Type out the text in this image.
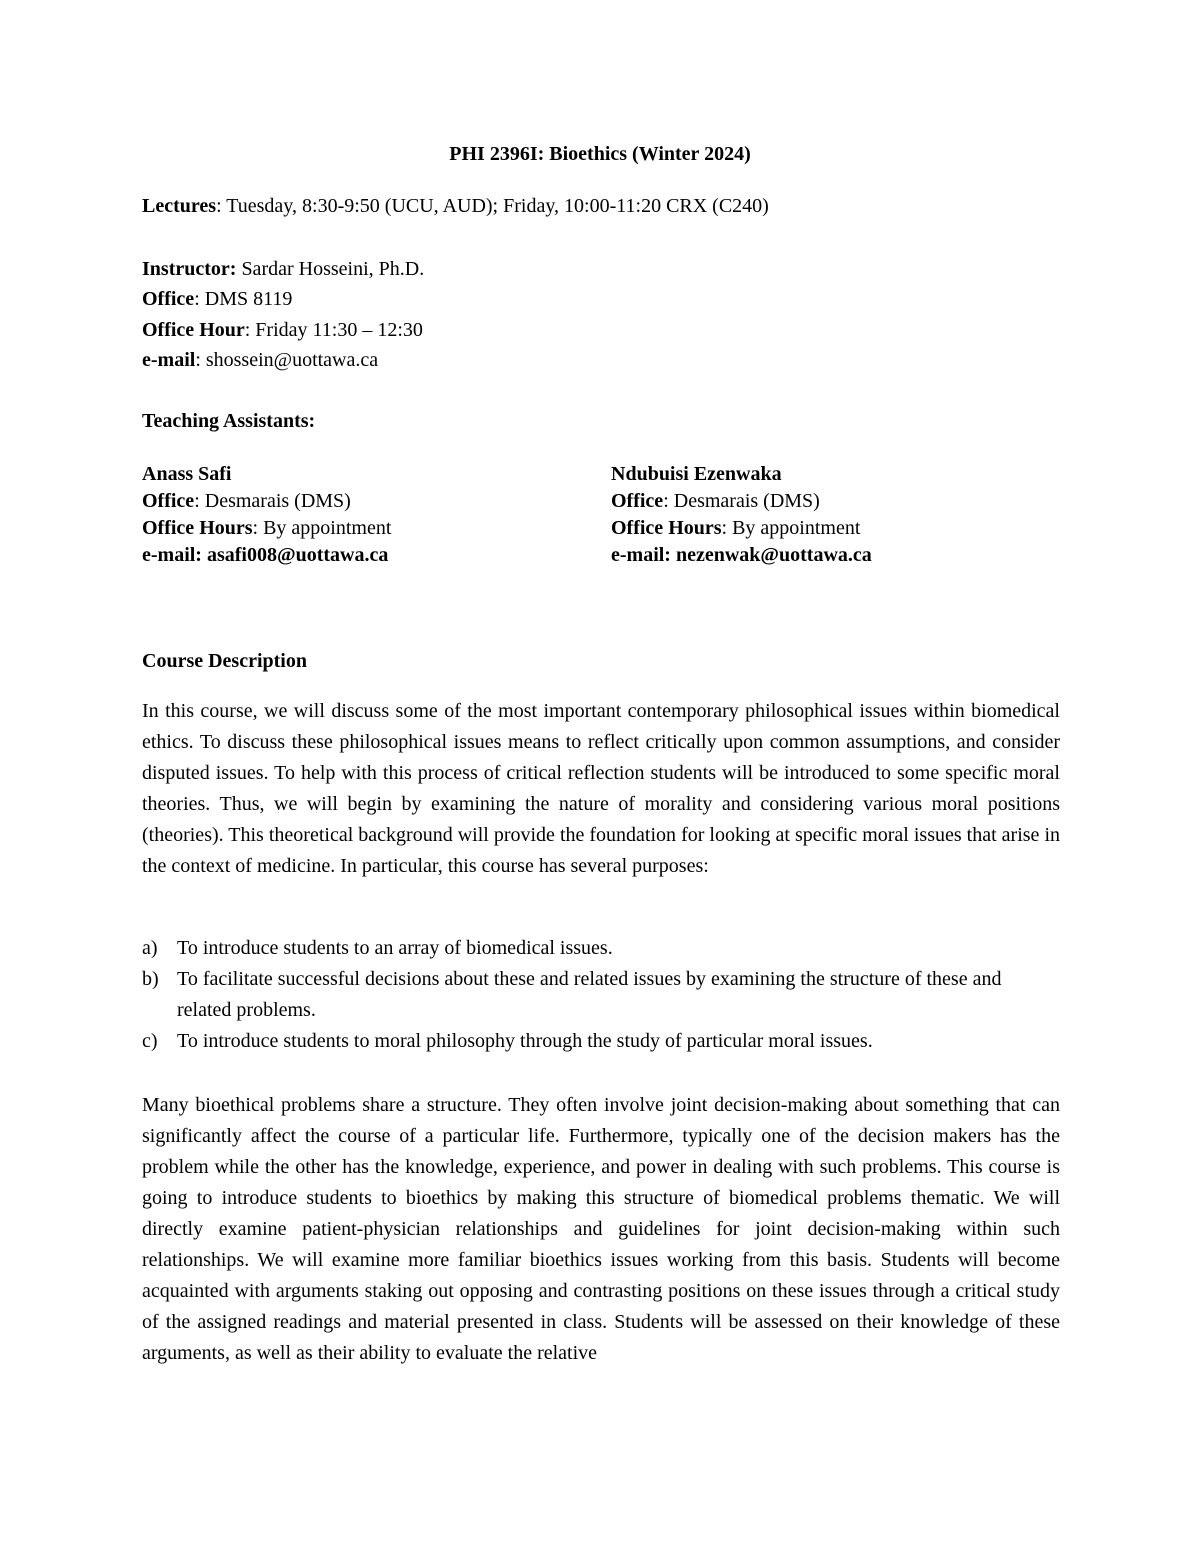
PHI 2396I: Bioethics (Winter 2024)
Lectures: Tuesday, 8:30-9:50 (UCU, AUD); Friday, 10:00-11:20 CRX (C240)
Instructor: Sardar Hosseini, Ph.D.
Office: DMS 8119
Office Hour: Friday 11:30 – 12:30
e-mail: shossein@uottawa.ca
Teaching Assistants:
Anass Safi
Office: Desmarais (DMS)
Office Hours: By appointment
e-mail: asafi008@uottawa.ca
Ndubuisi Ezenwaka
Office: Desmarais (DMS)
Office Hours: By appointment
e-mail: nezenwak@uottawa.ca
Course Description
In this course, we will discuss some of the most important contemporary philosophical issues within biomedical ethics. To discuss these philosophical issues means to reflect critically upon common assumptions, and consider disputed issues. To help with this process of critical reflection students will be introduced to some specific moral theories. Thus, we will begin by examining the nature of morality and considering various moral positions (theories). This theoretical background will provide the foundation for looking at specific moral issues that arise in the context of medicine. In particular, this course has several purposes:
a) To introduce students to an array of biomedical issues.
b) To facilitate successful decisions about these and related issues by examining the structure of these and related problems.
c) To introduce students to moral philosophy through the study of particular moral issues.
Many bioethical problems share a structure. They often involve joint decision-making about something that can significantly affect the course of a particular life. Furthermore, typically one of the decision makers has the problem while the other has the knowledge, experience, and power in dealing with such problems. This course is going to introduce students to bioethics by making this structure of biomedical problems thematic. We will directly examine patient-physician relationships and guidelines for joint decision-making within such relationships. We will examine more familiar bioethics issues working from this basis. Students will become acquainted with arguments staking out opposing and contrasting positions on these issues through a critical study of the assigned readings and material presented in class. Students will be assessed on their knowledge of these arguments, as well as their ability to evaluate the relative
